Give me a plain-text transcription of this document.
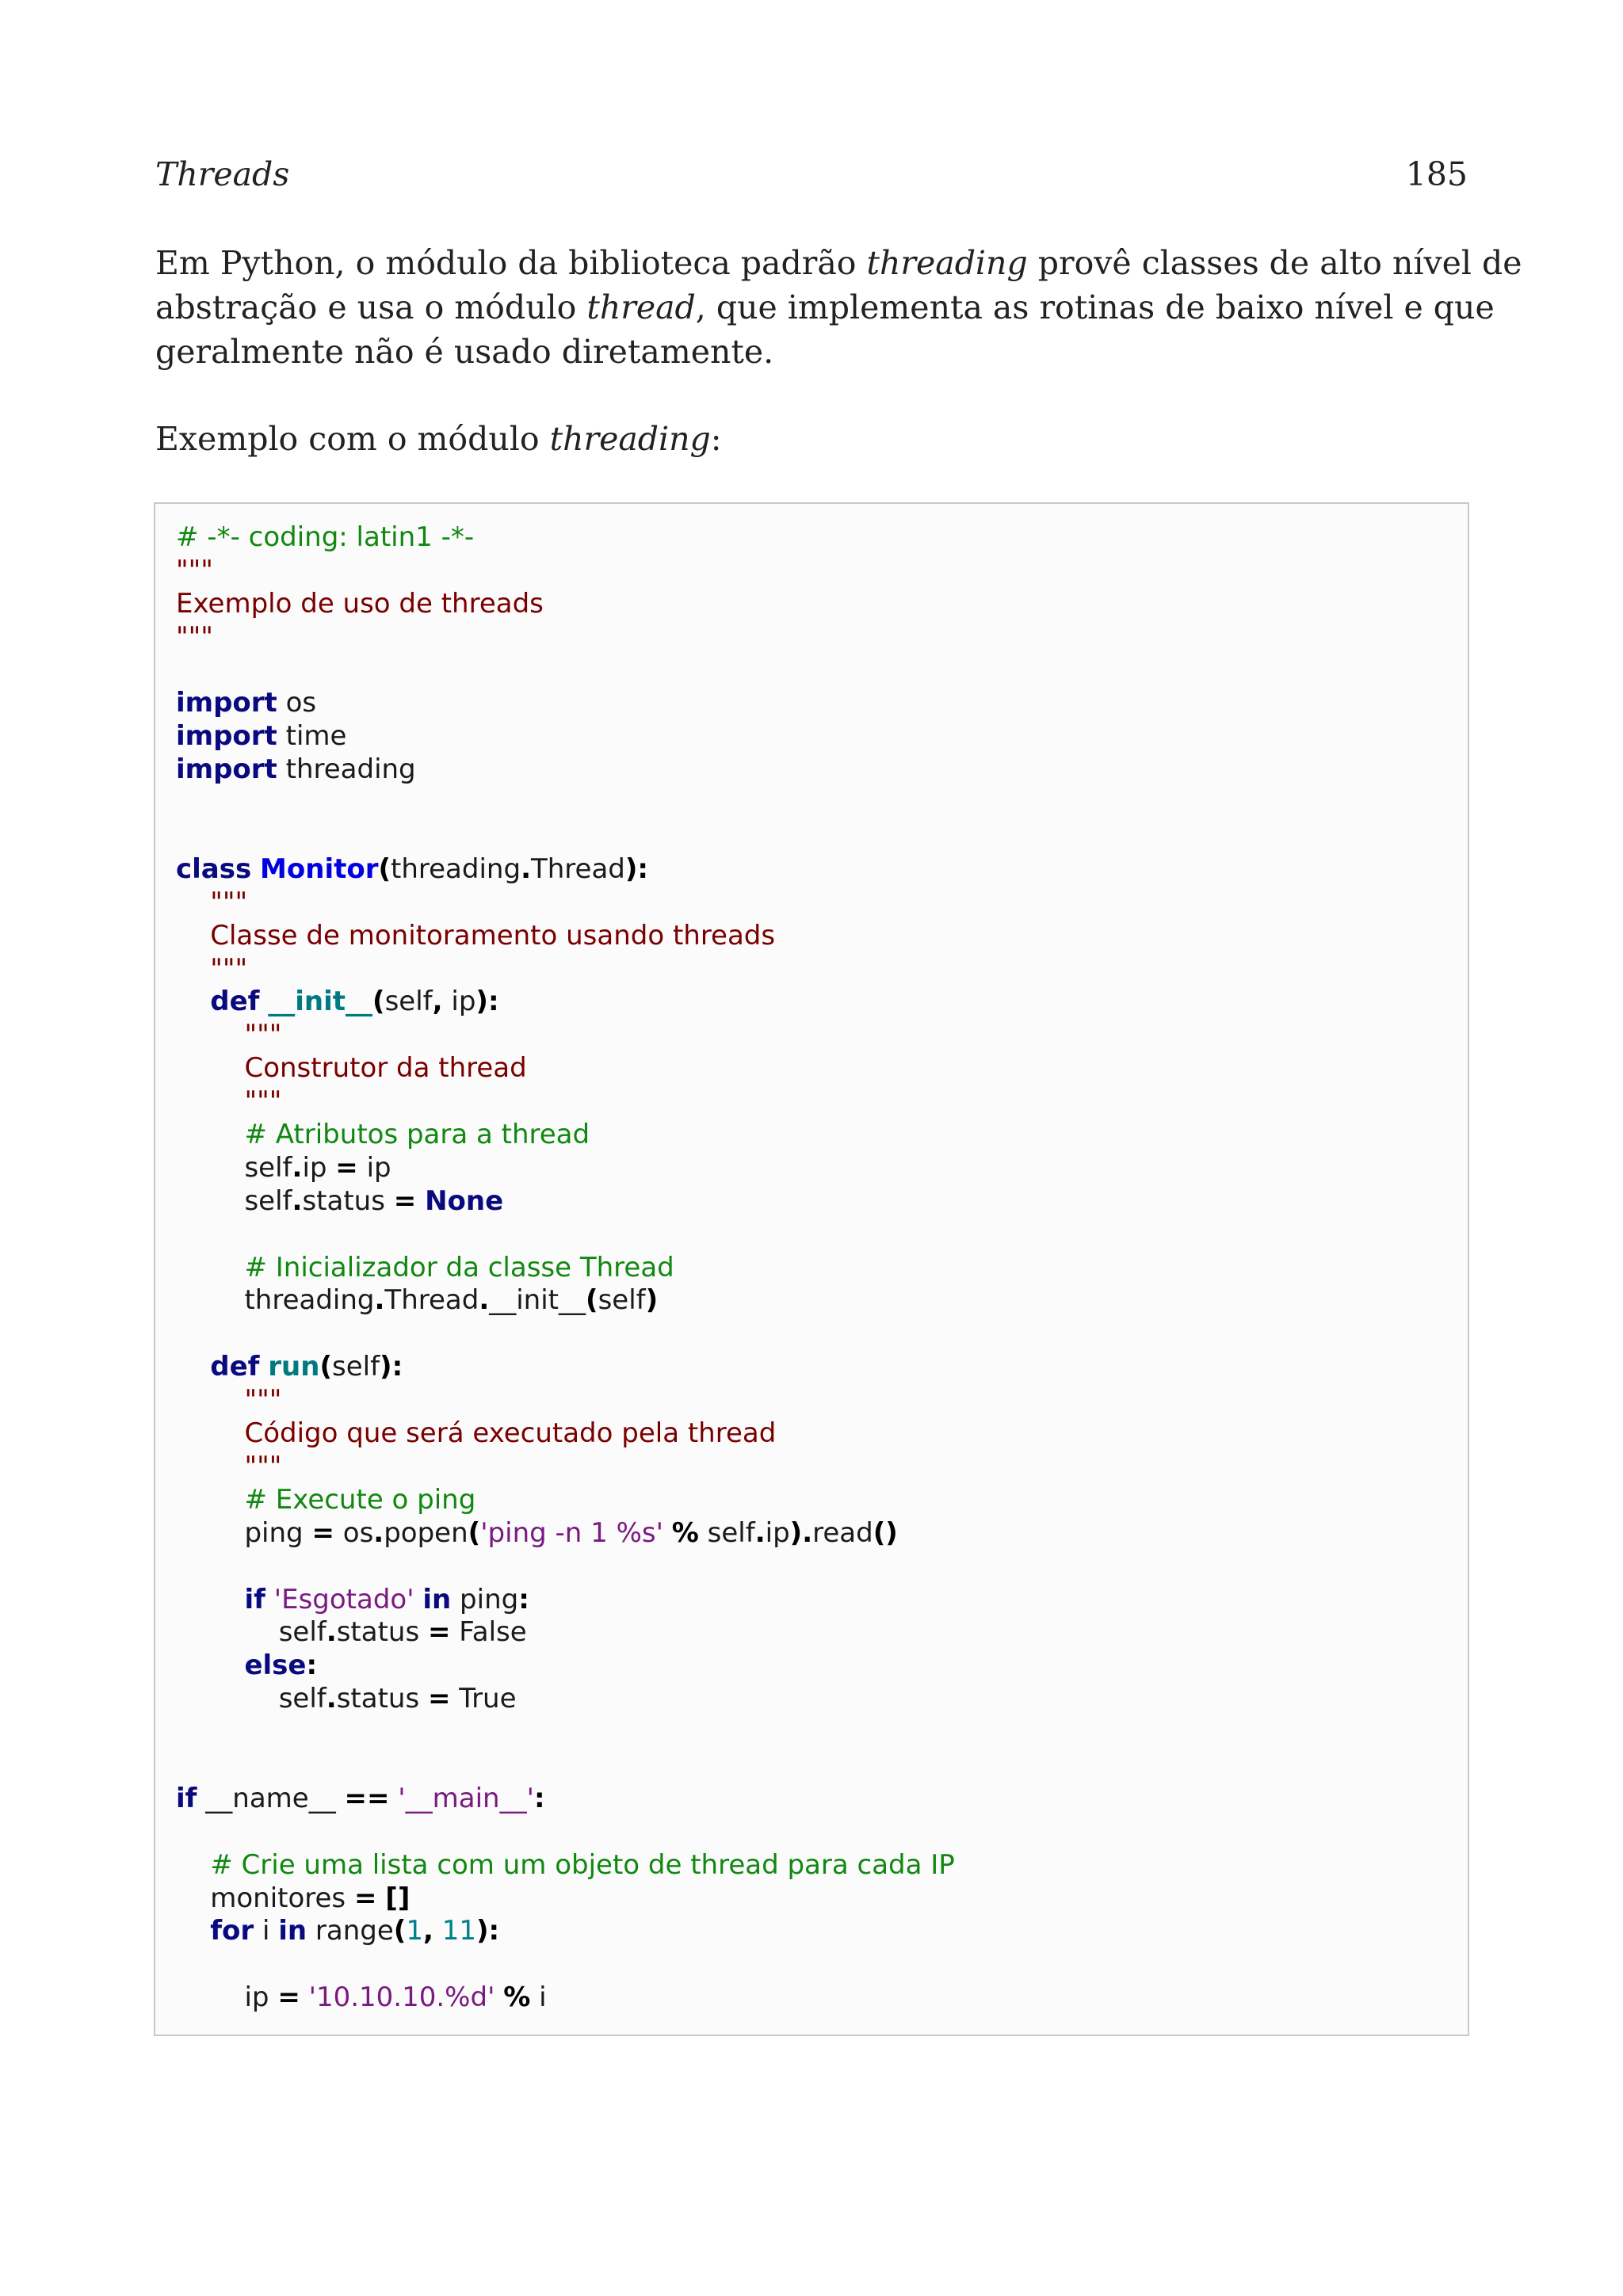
Threads	185
Em Python, o módulo da biblioteca padrão threading provê classes de alto nível de
abstração e usa o módulo thread, que implementa as rotinas de baixo nível e que
geralmente não é usado diretamente.
Exemplo com o módulo threading:
# -*- coding: latin1 -*-
"""
Exemplo de uso de threads
"""

import os
import time
import threading

class Monitor(threading.Thread):
"""
Classe de monitoramento usando threads
"""
def __init__(self, ip):
"""
Construtor da thread
"""
# Atributos para a thread
self.ip = ip
self.status = None

# Inicializador da classe Thread
threading.Thread.__init__(self)

def run(self):
"""
Código que será executado pela thread
"""
# Execute o ping
ping = os.popen('ping -n 1 %s' % self.ip).read()

if 'Esgotado' in ping:
self.status = False
else:
self.status = True

if __name__ == '__main__':

# Crie uma lista com um objeto de thread para cada IP
monitores = []
for i in range(1, 11):

ip = '10.10.10.%d' % i
